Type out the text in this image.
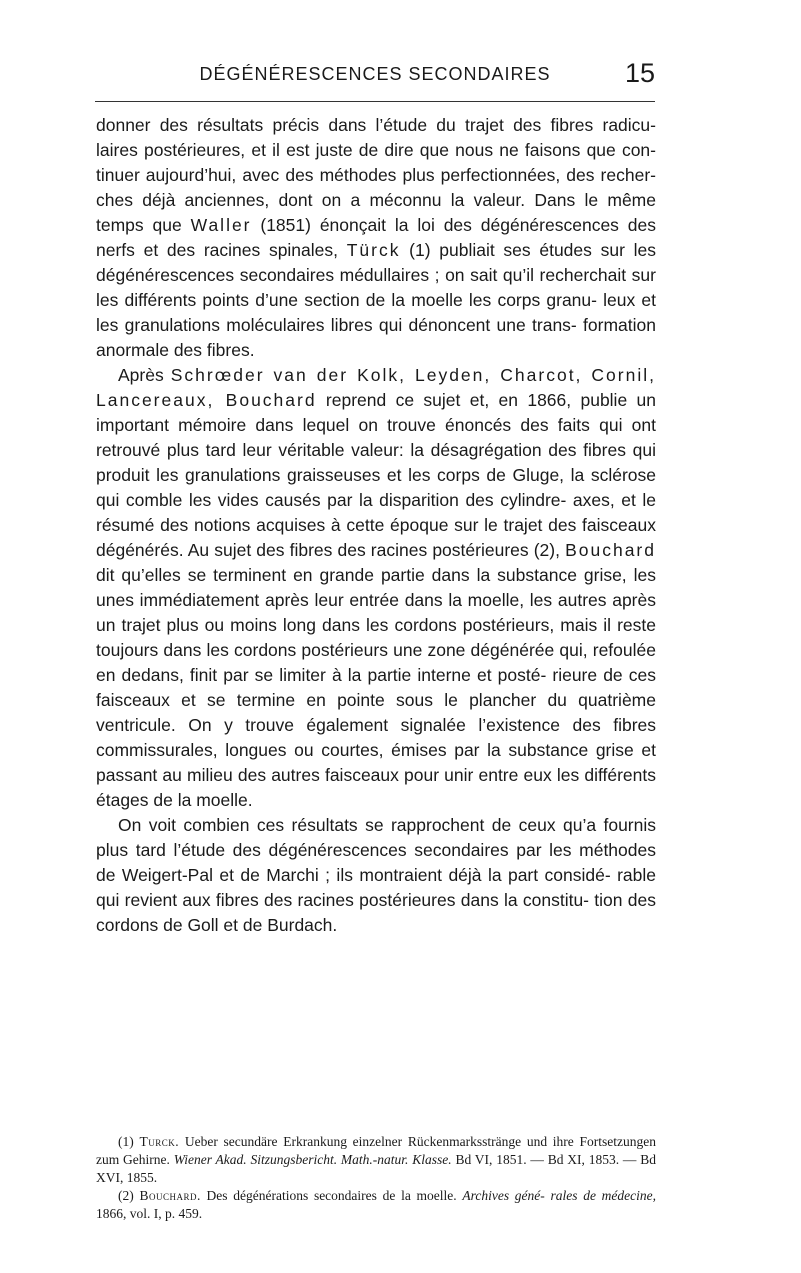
DÉGÉNÉRESCENCES SECONDAIRES	15

donner des résultats précis dans l’étude du trajet des fibres radicu- laires postérieures, et il est juste de dire que nous ne faisons que con- tinuer aujourd’hui, avec des méthodes plus perfectionnées, des recher- ches déjà anciennes, dont on a méconnu la valeur. Dans le même temps que Waller (1851) énonçait la loi des dégénérescences des nerfs et des racines spinales, Türck (1) publiait ses études sur les dégénérescences secondaires médullaires ; on sait qu’il recherchait sur les différents points d’une section de la moelle les corps granu- leux et les granulations moléculaires libres qui dénoncent une trans- formation anormale des fibres.

Après Schrœder van der Kolk, Leyden, Charcot, Cornil, Lancereaux, Bouchard reprend ce sujet et, en 1866, publie un important mémoire dans lequel on trouve énoncés des faits qui ont retrouvé plus tard leur véritable valeur: la désagrégation des fibres qui produit les granulations graisseuses et les corps de Gluge, la sclérose qui comble les vides causés par la disparition des cylindre- axes, et le résumé des notions acquises à cette époque sur le trajet des faisceaux dégénérés. Au sujet des fibres des racines postérieures (2), Bouchard dit qu’elles se terminent en grande partie dans la substance grise, les unes immédiatement après leur entrée dans la moelle, les autres après un trajet plus ou moins long dans les cordons postérieurs, mais il reste toujours dans les cordons postérieurs une zone dégénérée qui, refoulée en dedans, finit par se limiter à la partie interne et posté- rieure de ces faisceaux et se termine en pointe sous le plancher du quatrième ventricule. On y trouve également signalée l’existence des fibres commissurales, longues ou courtes, émises par la substance grise et passant au milieu des autres faisceaux pour unir entre eux les différents étages de la moelle.

On voit combien ces résultats se rapprochent de ceux qu’a fournis plus tard l’étude des dégénérescences secondaires par les méthodes de Weigert-Pal et de Marchi ; ils montraient déjà la part considé- rable qui revient aux fibres des racines postérieures dans la constitu- tion des cordons de Goll et de Burdach.

(1) Turck. Ueber secundäre Erkrankung einzelner Rückenmarksstränge und ihre Fortsetzungen zum Gehirne. Wiener Akad. Sitzungsbericht. Math.-natur. Klasse. Bd VI, 1851. — Bd XI, 1853. — Bd XVI, 1855.

(2) Bouchard. Des dégénérations secondaires de la moelle. Archives géné- rales de médecine, 1866, vol. I, p. 459.
